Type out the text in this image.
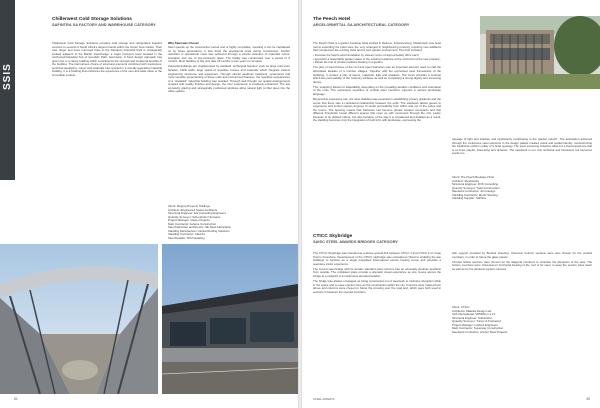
SSIS
Chillerwest Cold Storage Solutions
SAFINTRA SA FACTORY AND WAREHOUSE CATEGORY

Chillerwest Cold Storage Solutions provides cold storage and refrigerated logistics services to several of South Africa’s largest brands within the frozen food market. Their new, larger and more improved base in the Randport Industrial Park is strategically located adjacent to the Bardin interchange, a major transport route situated in the north-west/industrial hub of Goodwin Park, Germiston. A fresh design approach has given rise to a classy building which compliments the strength and locational benefits of the building. The harmonious choice of structural elements combined with meticulous, technical aesthetics, colour and materials has resulted in a visually appealing industrial building. It is a building that enhances the experience of the user and adds value to the immediate context.

Why Steel was Chosen

Steel speeds up the construction period and is highly recyclable, meaning it can be capitalised on by future generations. It also limits the operational costs during construction. Further reduction in operational costs was achieved through a careful selection of materials colour, insulation and use of low-emissivity glass. The facility was constructed over a period of 9 months. Most facilities of this size take 18 months to two years to complete.

Industrial buildings are characterised by standard ‘archetypal features’ such as large cold store facades, blank walls, large spans of repetitive trusses and materials which integrate various engineering structures and equipment. Through careful aesthetic treatment, systemized and more sensible proportioning of these main and pronounced features, the repetitive appearances of a “standard” industrial building was avoided. Through well thought out spatial arrangements coupled with quality finishes and design, the user experience is positively enhanced. The low emissivity glazing and strategically positioned windows allow natural light to filter deep into the office spaces.

Client: Ziegrop Property Holdings
Architect: Engineered Space Architects
Structural Engineer: DG Consulting Engineers
Quantity Surveyor: Scheurkofer Hermans
Project Manager: Capex Projects
Main Contractor: Ashane Construction
Steel Fabricator and Erector: SE Steel Fabrication
Cladding Manufacturer: Global Roofing Solutions
Cladding Contractor: Clad-Ke
Steel Detailer: KRU Detailing
84
The Peech Hotel
ARCELORMITTAL SA ARCHITECTURAL CATEGORY

The Peech Hotel is a garden boutique hotel located in Melrose, Johannesburg. Modernistic new hotel rooms extending the hotel were the very arranged in neighbouring property, Inspiring new additions that complement the existing hotel and its lush garden environment. The brief included:

• Increase the hotel’s accommodation by sixteen rooms of approximately 40m² each;

• Apportion a reasonable garden space to the existing residence at the north limit of the new property;

• Retain the feel of private pavilions floating in a garden.

The play of steel frames of the roof and open balconies was an important element used to craft the articulated facades of a number villages. Together with the expressed steel frameworks of the buildings, it creates a play of layers, materials, light and shadows. The mesh provides a contrast which lets permeability of the masonry surfaces as well as completing a strong dignity and screening device.

This ‘wrapping’ allows for adaptability, depending on the prevailing weather conditions and orientation of the units. The expressive repetition of vertical steel members supports a various landscape language.

Beyond this expressive role, the steel cladding was essential in establishing privacy gradients and the sense that there was a considered relationship between the units. The steelwork allows guests to experience and control various degrees of visual permeability from within and out of the suites and the rooms. The layering means that balconies can become private outdoor courtyards and that different thresholds reveal different spaces that open up with movement through the unit. Lastly, because of its planted nature, but also because of the way it is considered and detailed as a result, the cladding becomes truly the integration of built form with landscape, expressing the

passage of light and shadow, and significantly contributing to the ‘garden suburb’. The articulation achieved through the meticulous steel elements in the design palette created visual and spatial identity, reconstructing the traditional uniform outlay of a hotel typology. The steel screening solutions allow for a fluid experience that is at times playful, interesting and dynamic. The steelwork is not only technical and functional, but becomes poetic too.

Client: The Peech Boutique Hotel
Architect: Meshworks
Structural Engineer: DVK Consulting
Quantity Surveyor: Tuart Construction
Steelwork Contractor: Juru Design
Cladding Contractor: Monic Steeling
Cladding Supplier: Safintra
CTICC Skybridge
SAISC STEEL AWARDS BRIDGES CATEGORY

The CTICC Skybridge was intended as a above-ground link between CTICC 1 and CTICC 2 on Cape Town’s Foreshore. Development of the CTICC skybridge was considered critical in enabling the two buildings to function as a single integrated international events hosting venue and provides a seamless visitor experience.

The curved steel bridge with its slender standard steel columns has an unusually dynamic aesthetic from outside. The undulated sides provide a dramatic visual experience as one moves across the bridge at a midpoint of a continuous elevated location.

The bridge was always envisaged as being constructed out of steelwork to minimise disruption while in the space and to ease erection time as the construction within the city. Columns were hoisted from above and columns were chosen to frame the crossing over the road and, which were both used in sections in between the erected members,

with support provided by Bondek sheeting. Universal Column sections were also chosen for the vertical members, in order to frame the glass panels.

Circular hollow sections were chosen for the diagonal members to minimise the disruption of the view. The bottom members were Universal on horizontal bearing of the roof of for steel, to keep the section sizes down as well as for the identical support columns.

Client: CTICC
Architects: Makeka Design Lab,
SVA International, VDMMA in a JV
Structural Engineer: Sutherland
Quantity Surveyor: Turner & Townsend
Project Manager: Lukhozi Engineers
Main Contractor: Superway Construction
Steelwork Contractor: Anchor Steel Projects
STEEL AWARDS	85
